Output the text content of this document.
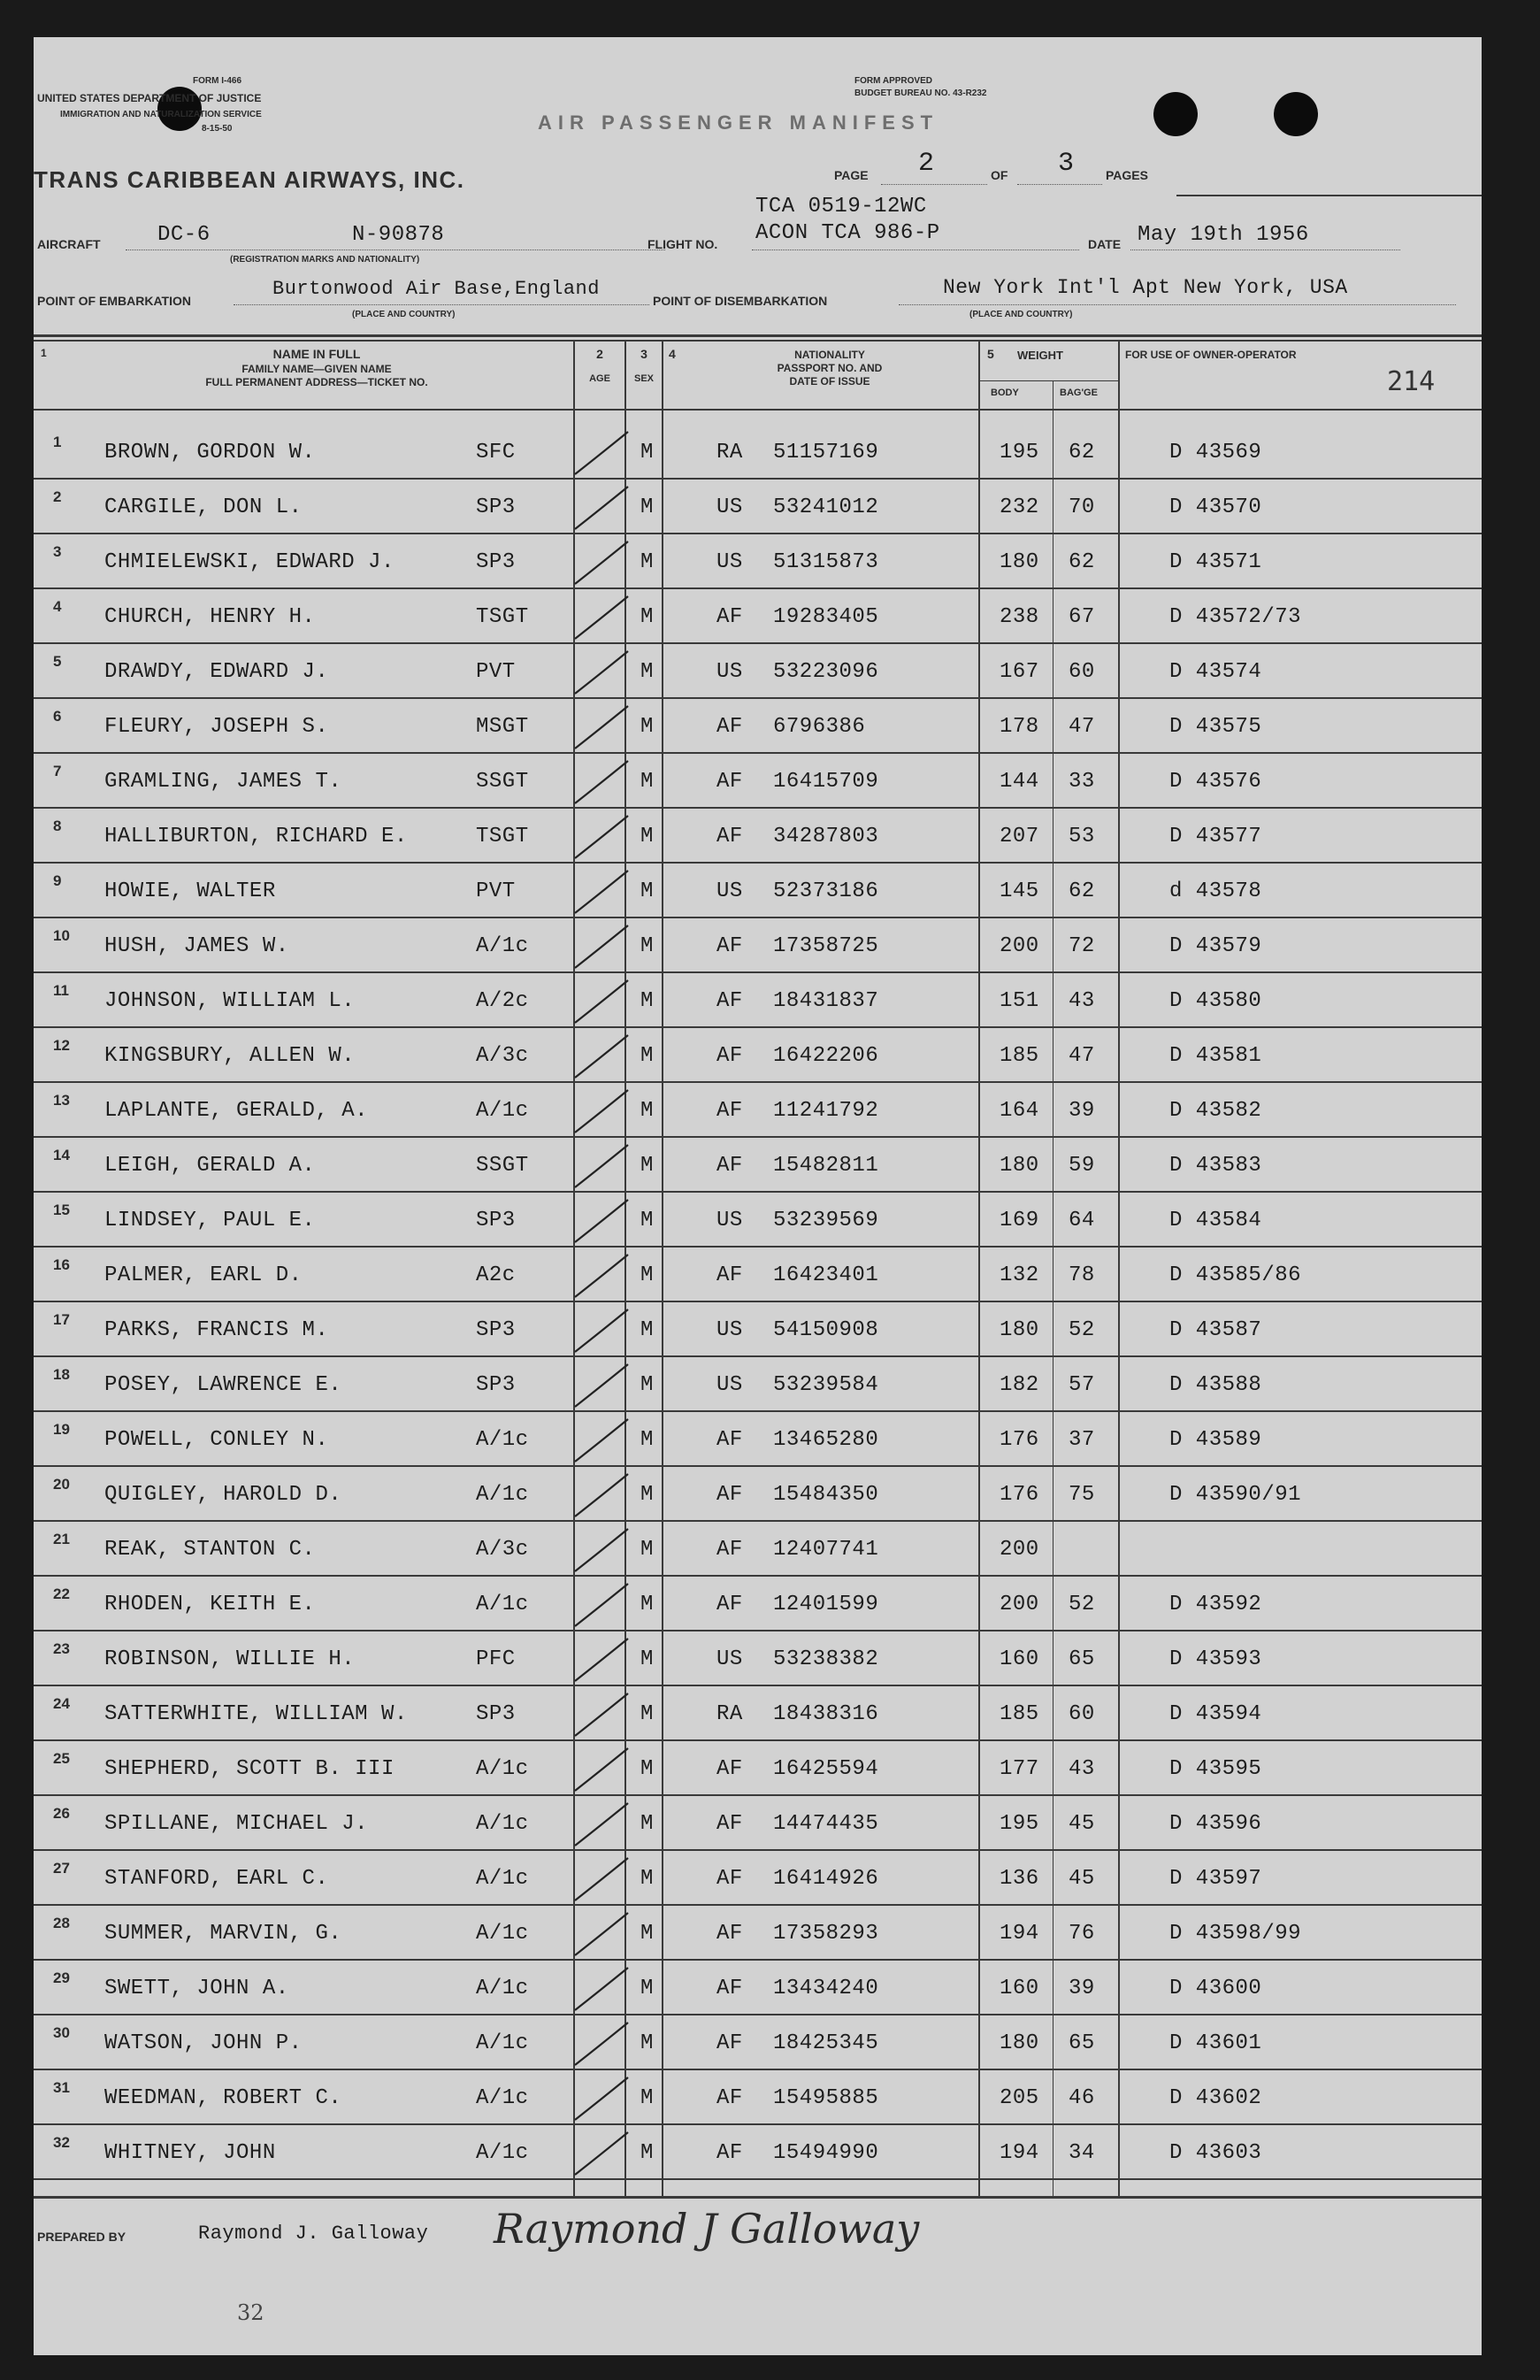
FORM I-466
UNITED STATES DEPARTMENT OF JUSTICE
IMMIGRATION AND NATURALIZATION SERVICE
8-15-50
FORM APPROVED
BUDGET BUREAU NO. 43-R232
AIR PASSENGER MANIFEST
TRANS CARIBBEAN AIRWAYS, INC.	PAGE 2	OF 3	PAGES
AIRCRAFT	DC-6	N-90878
(REGISTRATION MARKS AND NATIONALITY)
FLIGHT NO.
TCA 0519-12WC
ACON TCA 986-P	DATE May 19th 1956
POINT OF EMBARKATION
Burtonwood Air Base,England
(PLACE AND COUNTRY)
POINT OF DISEMBARKATION
New York Int'l Apt New York, USA
(PLACE AND COUNTRY)
1	NAME IN FULL
FAMILY NAME—GIVEN NAME
FULL PERMANENT ADDRESS—TICKET NO.
2
AGE
3
SEX
4	NATIONALITY
PASSPORT NO. AND
DATE OF ISSUE
5 WEIGHT
BODY	BAG'GE
FOR USE OF OWNER-OPERATOR
214
1 BROWN, GORDON W.	SFC	M	RA 51157169	195 62	D 43569
2 CARGILE, DON L.	SP3	M	US 53241012	232 70	D 43570
3 CHMIELEWSKI, EDWARD J.	SP3	M	US 51315873	180 62	D 43571
4 CHURCH, HENRY H.	TSGT	M	AF 19283405	238 67	D 43572/73
5 DRAWDY, EDWARD J.	PVT	M	US 53223096	167 60	D 43574
6 FLEURY, JOSEPH S.	MSGT	M	AF 6796386	178 47	D 43575
7 GRAMLING, JAMES T.	SSGT	M	AF 16415709	144 33	D 43576
8 HALLIBURTON, RICHARD E.	TSGT	M	AF 34287803	207 53	D 43577
9 HOWIE, WALTER	PVT	M	US 52373186	145 62	d 43578
10 HUSH, JAMES W.	A/1c	M	AF 17358725	200 72	D 43579
11 JOHNSON, WILLIAM L.	A/2c	M	AF 18431837	151 43	D 43580
12 KINGSBURY, ALLEN W.	A/3c	M	AF 16422206	185 47	D 43581
13 LAPLANTE, GERALD, A.	A/1c	M	AF 11241792	164 39	D 43582
14 LEIGH, GERALD A.	SSGT	M	AF 15482811	180 59	D 43583
15 LINDSEY, PAUL E.	SP3	M	US 53239569	169 64	D 43584
16 PALMER, EARL D.	A2c	M	AF 16423401	132 78	D 43585/86
17 PARKS, FRANCIS M.	SP3	M	US 54150908	180 52	D 43587
18 POSEY, LAWRENCE E.	SP3	M	US 53239584	182 57	D 43588
19 POWELL, CONLEY N.	A/1c	M	AF 13465280	176 37	D 43589
20 QUIGLEY, HAROLD D.	A/1c	M	AF 15484350	176 75	D 43590/91
21 REAK, STANTON C.	A/3c	M	AF 12407741	200
22 RHODEN, KEITH E.	A/1c	M	AF 12401599	200 52	D 43592
23 ROBINSON, WILLIE H.	PFC	M	US 53238382	160 65	D 43593
24 SATTERWHITE, WILLIAM W.	SP3	M	RA 18438316	185 60	D 43594
25 SHEPHERD, SCOTT B. III	A/1c	M	AF 16425594	177 43	D 43595
26 SPILLANE, MICHAEL J.	A/1c	M	AF 14474435	195 45	D 43596
27 STANFORD, EARL C.	A/1c	M	AF 16414926	136 45	D 43597
28 SUMMER, MARVIN, G.	A/1c	M	AF 17358293	194 76	D 43598/99
29 SWETT, JOHN A.	A/1c	M	AF 13434240	160 39	D 43600
30 WATSON, JOHN P.	A/1c	M	AF 18425345	180 65	D 43601
31 WEEDMAN, ROBERT C.	A/1c	M	AF 15495885	205 46	D 43602
32 WHITNEY, JOHN	A/1c	M	AF 15494990	194 34	D 43603
PREPARED BY	Raymond J. Galloway Raymond J Galloway
32
